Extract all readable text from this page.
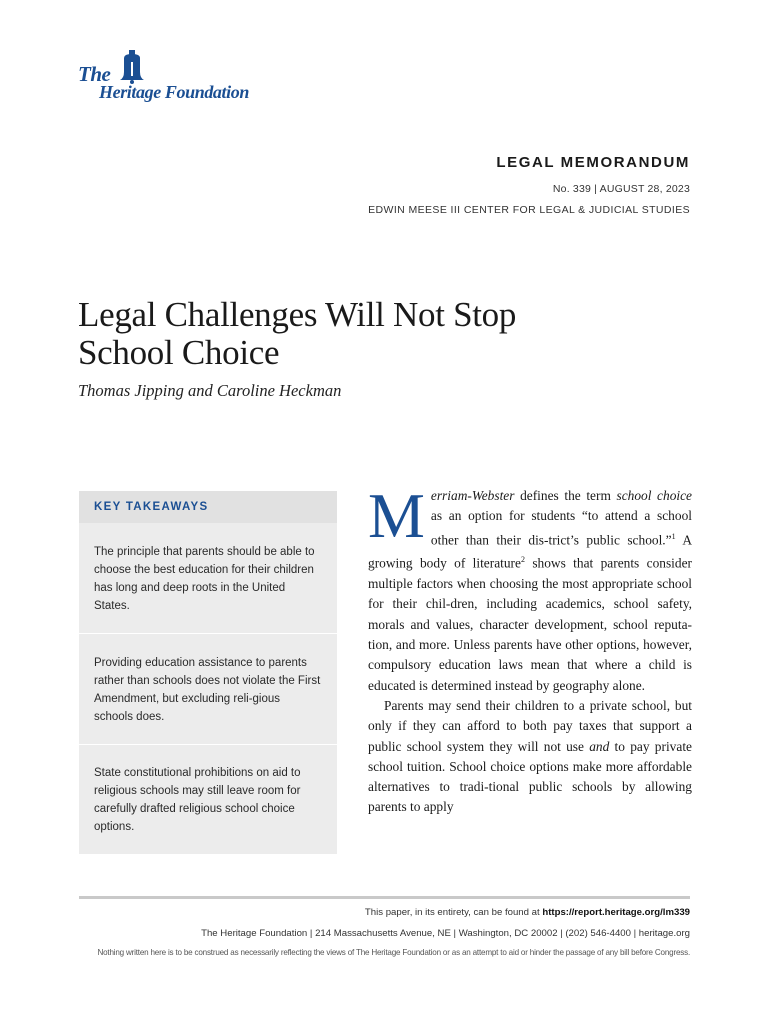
The
Heritage Foundation
LEGAL MEMORANDUM
No. 339 | AUGUST 28, 2023
EDWIN MEESE III CENTER FOR LEGAL & JUDICIAL STUDIES
Legal Challenges Will Not Stop School Choice
Thomas Jipping and Caroline Heckman
KEY TAKEAWAYS
The principle that parents should be able to choose the best education for their children has long and deep roots in the United States.
Providing education assistance to parents rather than schools does not violate the First Amendment, but excluding reli-gious schools does.
State constitutional prohibitions on aid to religious schools may still leave room for carefully drafted religious school choice options.

Merriam-Webster defines the term school choice as an option for students “to attend a school other than their dis-trict’s public school.”$^1$ A growing body of literature$^2$ shows that parents consider multiple factors when choosing the most appropriate school for their chil-dren, including academics, school safety, morals and values, character development, school reputa-tion, and more. Unless parents have other options, however, compulsory education laws mean that where a child is educated is determined instead by geography alone.

Parents may send their children to a private school, but only if they can afford to both pay taxes that support a public school system they will not use and to pay private school tuition. School choice options make more affordable alternatives to tradi-tional public schools by allowing parents to apply

This paper, in its entirety, can be found at https://report.heritage.org/lm339
The Heritage Foundation | 214 Massachusetts Avenue, NE | Washington, DC 20002 | (202) 546-4400 | heritage.org
Nothing written here is to be construed as necessarily reflecting the views of The Heritage Foundation or as an attempt to aid or hinder the passage of any bill before Congress.
